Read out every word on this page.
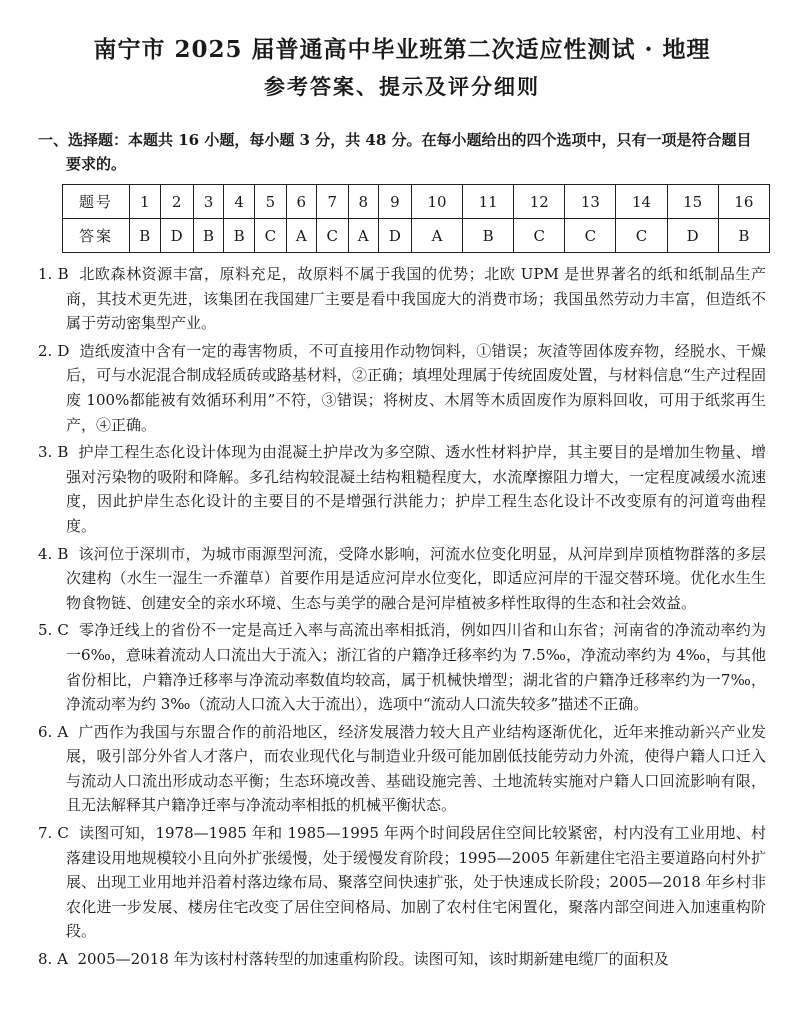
南宁市 2025 届普通高中毕业班第二次适应性测试 · 地理
参考答案、提示及评分细则
一、选择题：本题共 16 小题，每小题 3 分，共 48 分。在每小题给出的四个选项中，只有一项是符合题目要求的。
题号	1	2	3	4	5	6	7	8	9	10	11	12	13	14	15	16
答案	B	D	B	B	C	A	C	A	D	A	B	C	C	C	D	B
1. B 北欧森林资源丰富，原料充足，故原料不属于我国的优势；北欧 UPM 是世界著名的纸和纸制品生产商，其技术更先进，该集团在我国建厂主要是看中我国庞大的消费市场；我国虽然劳动力丰富，但造纸不属于劳动密集型产业。
2. D 造纸废渣中含有一定的毒害物质，不可直接用作动物饲料，①错误；灰渣等固体废弃物，经脱水、干燥后，可与水泥混合制成轻质砖或路基材料，②正确；填埋处理属于传统固废处置，与材料信息“生产过程固废 100%都能被有效循环利用”不符，③错误；将树皮、木屑等木质固废作为原料回收，可用于纸浆再生产，④正确。
3. B 护岸工程生态化设计体现为由混凝土护岸改为多空隙、透水性材料护岸，其主要目的是增加生物量、增强对污染物的吸附和降解。多孔结构较混凝土结构粗糙程度大，水流摩擦阻力增大，一定程度减缓水流速度，因此护岸生态化设计的主要目的不是增强行洪能力；护岸工程生态化设计不改变原有的河道弯曲程度。
4. B 该河位于深圳市，为城市雨源型河流，受降水影响，河流水位变化明显，从河岸到岸顶植物群落的多层次建构（水生一湿生一乔灌草）首要作用是适应河岸水位变化，即适应河岸的干湿交替环境。优化水生生物食物链、创建安全的亲水环境、生态与美学的融合是河岸植被多样性取得的生态和社会效益。
5. C 零净迁线上的省份不一定是高迁入率与高流出率相抵消，例如四川省和山东省；河南省的净流动率约为一6‰，意味着流动人口流出大于流入；浙江省的户籍净迁移率约为 7.5‰，净流动率约为 4‰，与其他省份相比，户籍净迁移率与净流动率数值均较高，属于机械快增型；湖北省的户籍净迁移率约为一7‰，净流动率为约 3‰（流动人口流入大于流出），选项中“流动人口流失较多”描述不正确。
6. A 广西作为我国与东盟合作的前沿地区，经济发展潜力较大且产业结构逐渐优化，近年来推动新兴产业发展，吸引部分外省人才落户，而农业现代化与制造业升级可能加剧低技能劳动力外流，使得户籍人口迁入与流动人口流出形成动态平衡；生态环境改善、基础设施完善、土地流转实施对户籍人口回流影响有限，且无法解释其户籍净迁率与净流动率相抵的机械平衡状态。
7. C 读图可知，1978—1985 年和 1985—1995 年两个时间段居住空间比较紧密，村内没有工业用地、村落建设用地规模较小且向外扩张缓慢，处于缓慢发育阶段；1995—2005 年新建住宅沿主要道路向村外扩展、出现工业用地并沿着村落边缘布局、聚落空间快速扩张，处于快速成长阶段；2005—2018 年乡村非农化进一步发展、楼房住宅改变了居住空间格局、加剧了农村住宅闲置化，聚落内部空间进入加速重构阶段。
8. A 2005—2018 年为该村村落转型的加速重构阶段。读图可知，该时期新建电缆厂的面积及
